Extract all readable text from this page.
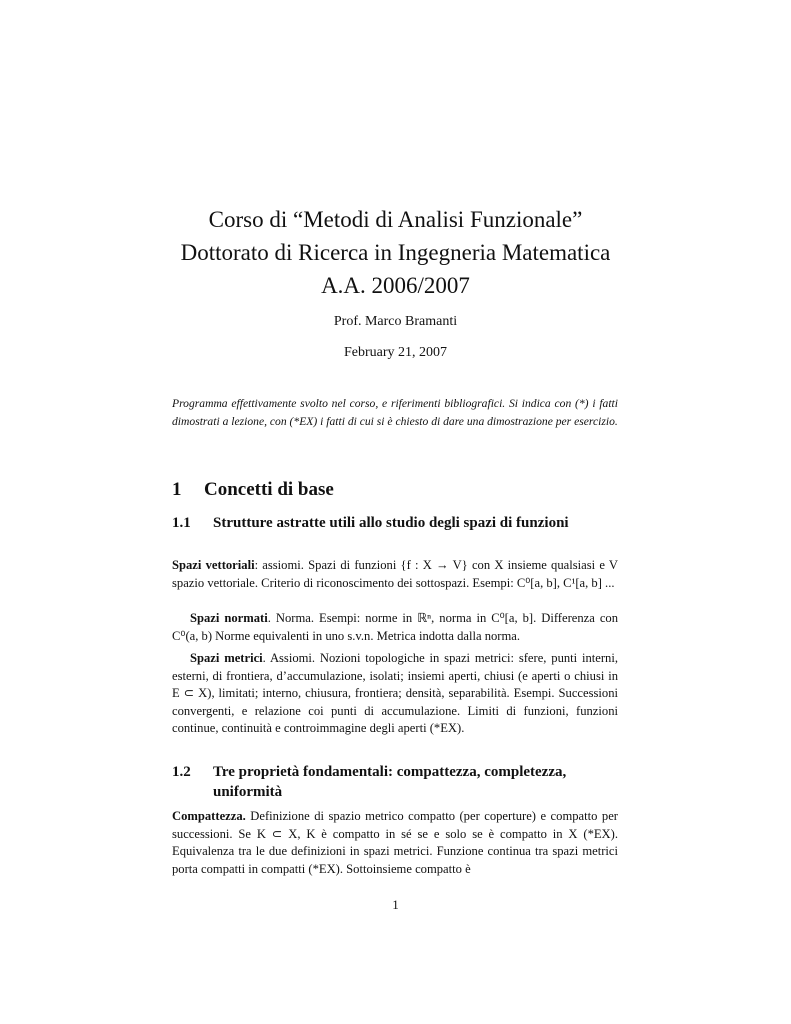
Corso di “Metodi di Analisi Funzionale”
Dottorato di Ricerca in Ingegneria Matematica
A.A. 2006/2007
Prof. Marco Bramanti
February 21, 2007
Programma effettivamente svolto nel corso, e riferimenti bibliografici. Si indica con (*) i fatti dimostrati a lezione, con (*EX) i fatti di cui si è chiesto di dare una dimostrazione per esercizio.
1 Concetti di base
1.1 Strutture astratte utili allo studio degli spazi di funzioni

Spazi vettoriali: assiomi. Spazi di funzioni {f : X → V} con X insieme qualsiasi e V spazio vettoriale. Criterio di riconoscimento dei sottospazi. Esempi: C⁰[a, b], C¹[a, b] ...

Spazi normati. Norma. Esempi: norme in ℝⁿ, norma in C⁰[a, b]. Differenza con C⁰(a, b) Norme equivalenti in uno s.v.n. Metrica indotta dalla norma.

Spazi metrici. Assiomi. Nozioni topologiche in spazi metrici: sfere, punti interni, esterni, di frontiera, d’accumulazione, isolati; insiemi aperti, chiusi (e aperti o chiusi in E ⊂ X), limitati; interno, chiusura, frontiera; densità, separabilità. Esempi. Successioni convergenti, e relazione coi punti di accumulazione. Limiti di funzioni, funzioni continue, continuità e controimmagine degli aperti (*EX).

1.2 Tre proprietà fondamentali: compattezza, completezza, uniformità

Compattezza. Definizione di spazio metrico compatto (per coperture) e compatto per successioni. Se K ⊂ X, K è compatto in sé se e solo se è compatto in X (*EX). Equivalenza tra le due definizioni in spazi metrici. Funzione continua tra spazi metrici porta compatti in compatti (*EX). Sottoinsieme compatto è

1
